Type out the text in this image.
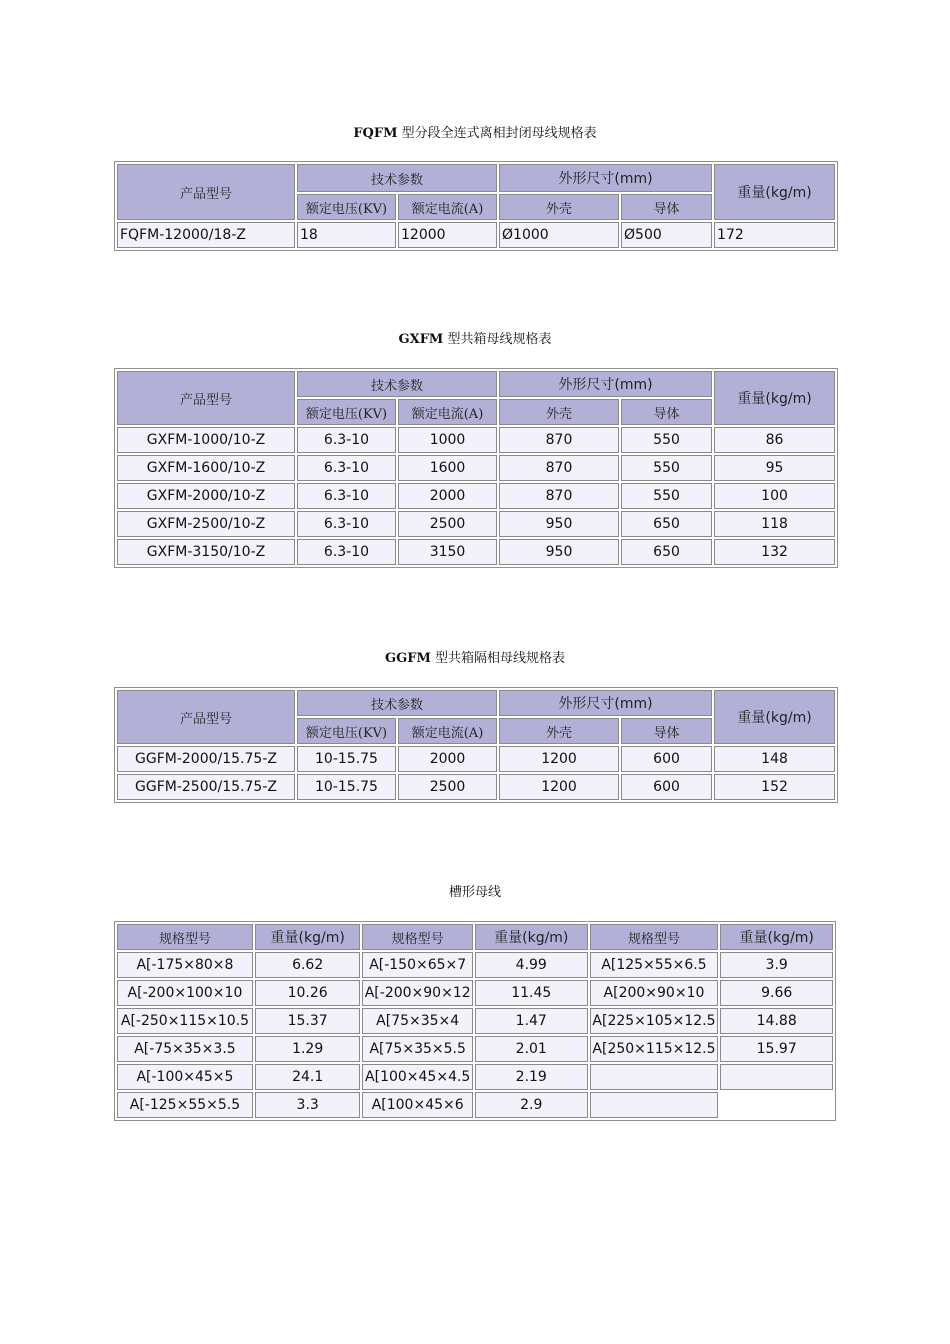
FQFM 型分段全连式离相封闭母线规格表
产品型号	技术参数		外形尺寸(mm)		重量(kg/m)
	额定电压(KV)	额定电流(A)	外壳	导体	
FQFM-12000/18-Z	18	12000	Ø1000	Ø500	172
GXFM 型共箱母线规格表
产品型号	技术参数		外形尺寸(mm)		重量(kg/m)
	额定电压(KV)	额定电流(A)	外壳	导体	
GXFM-1000/10-Z	6.3-10	1000	870	550	86
GXFM-1600/10-Z	6.3-10	1600	870	550	95
GXFM-2000/10-Z	6.3-10	2000	870	550	100
GXFM-2500/10-Z	6.3-10	2500	950	650	118
GXFM-3150/10-Z	6.3-10	3150	950	650	132
GGFM 型共箱隔相母线规格表
产品型号	技术参数		外形尺寸(mm)		重量(kg/m)
	额定电压(KV)	额定电流(A)	外壳	导体	
GGFM-2000/15.75-Z	10-15.75	2000	1200	600	148
GGFM-2500/15.75-Z	10-15.75	2500	1200	600	152
槽形母线
规格型号	重量(kg/m)	规格型号	重量(kg/m)	规格型号	重量(kg/m)
A[-175×80×8	6.62	A[-150×65×7	4.99	A[125×55×6.5	3.9
A[-200×100×10	10.26	A[-200×90×12	11.45	A[200×90×10	9.66
A[-250×115×10.5	15.37	A[75×35×4	1.47	A[225×105×12.5	14.88
A[-75×35×3.5	1.29	A[75×35×5.5	2.01	A[250×115×12.5	15.97
A[-100×45×5	24.1	A[100×45×4.5	2.19		
A[-125×55×5.5	3.3	A[100×45×6	2.9		
